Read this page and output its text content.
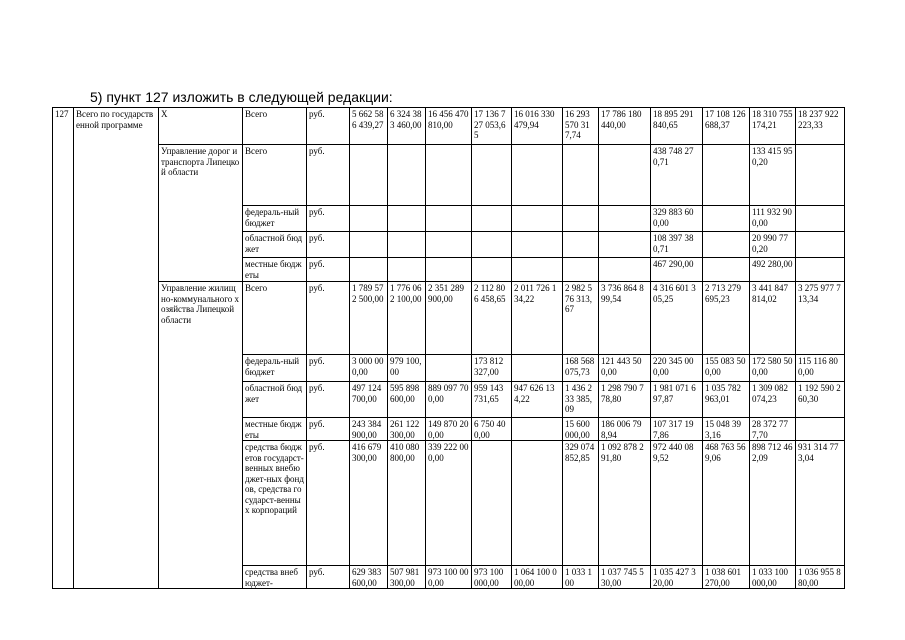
5) пункт 127 изложить в следующей редакции:
127	Всего по государственной программе	Х	Всего	руб.	5 662 586 439,27	6 324 383 460,00	16 456 470 810,00	17 136 727 053,65	16 016 330 479,94	16 293 570 317,74	17 786 180 440,00	18 895 291 840,65	17 108 126 688,37	18 310 755 174,21	18 237 922 223,33
		Управление дорог и транспорта Липецкой области	Всего	руб.								438 748 270,71		133 415 950,20	
			федераль-ный бюджет	руб.								329 883 600,00		111 932 900,00	
			областной бюджет	руб.								108 397 380,71		20 990 770,20	
			местные бюджеты	руб.								467 290,00		492 280,00	
		Управление жилищно-коммунального хозяйства Липецкой области	Всего	руб.	1 789 572 500,00	1 776 062 100,00	2 351 289 900,00	2 112 806 458,65	2 011 726 134,22	2 982 576 313,67	3 736 864 899,54	4 316 601 305,25	2 713 279 695,23	3 441 847 814,02	3 275 977 713,34
			федераль-ный бюджет	руб.	3 000 000,00	979 100,00		173 812 327,00		168 568 075,73	121 443 500,00	220 345 000,00	155 083 500,00	172 580 500,00	115 116 800,00
			областной бюджет	руб.	497 124 700,00	595 898 600,00	889 097 700,00	959 143 731,65	947 626 134,22	1 436 233 385,09	1 298 790 778,80	1 981 071 697,87	1 035 782 963,01	1 309 082 074,23	1 192 590 260,30
			местные бюджеты	руб.	243 384 900,00	261 122 300,00	149 870 200,00	6 750 400,00		15 600 000,00	186 006 798,94	107 317 197,86	15 048 393,16	28 372 777,70	
			средства бюджетов государст-венных внебюджет-ных фондов, средства государст-венных корпораций	руб.	416 679 300,00	410 080 800,00	339 222 000,00			329 074 852,85	1 092 878 291,80	972 440 089,52	468 763 569,06	898 712 462,09	931 314 773,04
			средства внебюджет-	руб.	629 383 600,00	507 981 300,00	973 100 000,00	973 100 000,00	1 064 100 000,00	1 033 100	1 037 745 530,00	1 035 427 320,00	1 038 601 270,00	1 033 100 000,00	1 036 955 880,00
